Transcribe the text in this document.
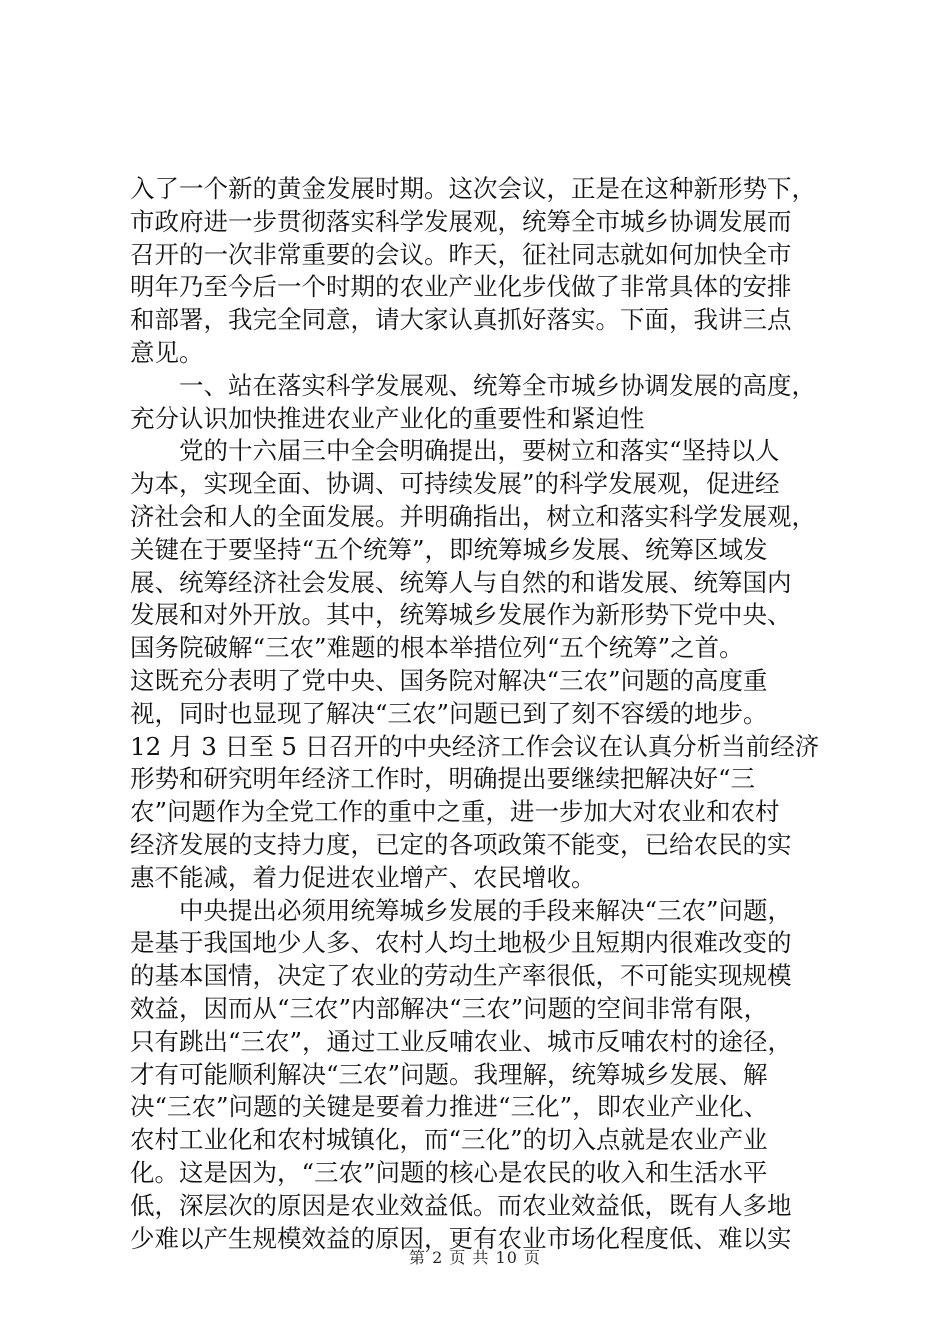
入了一个新的黄金发展时期。这次会议，正是在这种新形势下，
市政府进一步贯彻落实科学发展观，统筹全市城乡协调发展而
召开的一次非常重要的会议。昨天，征社同志就如何加快全市
明年乃至今后一个时期的农业产业化步伐做了非常具体的安排
和部署，我完全同意，请大家认真抓好落实。下面，我讲三点
意见。
一、站在落实科学发展观、统筹全市城乡协调发展的高度，
充分认识加快推进农业产业化的重要性和紧迫性
党的十六届三中全会明确提出，要树立和落实“坚持以人
为本，实现全面、协调、可持续发展”的科学发展观，促进经
济社会和人的全面发展。并明确指出，树立和落实科学发展观，
关键在于要坚持“五个统筹”，即统筹城乡发展、统筹区域发
展、统筹经济社会发展、统筹人与自然的和谐发展、统筹国内
发展和对外开放。其中，统筹城乡发展作为新形势下党中央、
国务院破解“三农”难题的根本举措位列“五个统筹”之首。
这既充分表明了党中央、国务院对解决“三农”问题的高度重
视，同时也显现了解决“三农”问题已到了刻不容缓的地步。
12 月 3 日至 5 日召开的中央经济工作会议在认真分析当前经济
形势和研究明年经济工作时，明确提出要继续把解决好“三
农”问题作为全党工作的重中之重，进一步加大对农业和农村
经济发展的支持力度，已定的各项政策不能变，已给农民的实
惠不能减，着力促进农业增产、农民增收。
中央提出必须用统筹城乡发展的手段来解决“三农”问题，
是基于我国地少人多、农村人均土地极少且短期内很难改变的
的基本国情，决定了农业的劳动生产率很低，不可能实现规模
效益，因而从“三农”内部解决“三农”问题的空间非常有限，
只有跳出“三农”，通过工业反哺农业、城市反哺农村的途径，
才有可能顺利解决“三农”问题。我理解，统筹城乡发展、解
决“三农”问题的关键是要着力推进“三化”，即农业产业化、
农村工业化和农村城镇化，而“三化”的切入点就是农业产业
化。这是因为，“三农”问题的核心是农民的收入和生活水平
低，深层次的原因是农业效益低。而农业效益低，既有人多地
少难以产生规模效益的原因，更有农业市场化程度低、难以实
第 2 页 共 10 页
